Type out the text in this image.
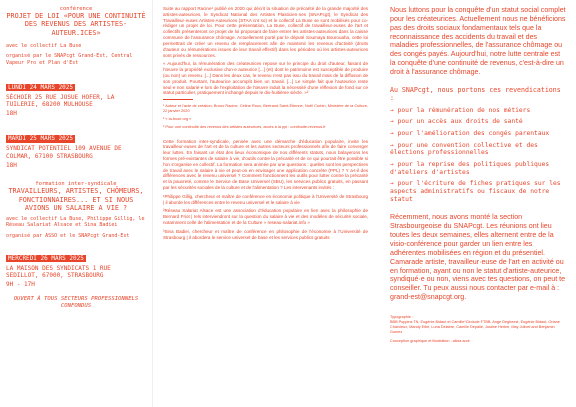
conférence
PROJET DE LOI «POUR UNE CONTINUITÉ DES REVENUS DES ARTISTES-AUTEUR.ICES»
avec le collectif La Buse
organisé par le SNAPcgt Grand-Est, Central Vapeur Pro et Plan d'Est
LUNDI 24 MARS 2025
SÉCHOIR 25 RUE JOSUE HOFER, LA TUILERIE, 68200 MULHOUSE
18H
MARDI 25 MARS 2025
SYNDICAT POTENTIEL 109 AVENUE DE COLMAR, 67100 STRASBOURG
18H
formation inter-syndicale
TRAVAILLEURS, ARTISTES, CHÔMEURS, FONCTIONNAIRES... ET SI NOUS AVIONS UN SALAIRE A VIE ?
avec le collectif La Buse, Philippe Gillig, le Réseau Salariat Alsace et Sina Badiei
organisé par ASSO et le SNAPcgt Grand-Est
MERCREDI 26 MARS 2025
LA MAISON DES SYNDICATS 1 RUE SEDILLOT, 67000, STRASBOURG
9H - 17H
OUVERT À TOUS SECTEURS PROFESSIONNELS CONFONDUS

Suite au rapport Racine¹ publié en 2020 qui décrit la situation de précarité de la grande majorité des artistes-auteurices, le Syndicat National des Artistes Plasticien·nes (SNAPcgt), le Syndicat des Travailleur·euses Artistes-Auteurices (STAA cnt so) et le collectif La Buse se sont mobilisés pour co-rédiger un projet de loi. Pour cette présentation, La Buse, collectif de travailleur·euses de l'art et collectifs présenteront ce projet de loi proposant de faire entrer les artistes-auteurices dans la caisse commune de l'assurance chômage. Actuellement porté par le député Soumaya Bourouaha, cette loi permettrait de créer un revenu de remplacement afin de maintenir les revenus d'activité (droits d'auteur ou rémunérations issues de leur travail effectif) dans les périodes où les artistes-auteurices sont privés de ressources.

« Aujourd'hui, la rémunération des créateurices repose sur le principe du droit d'auteur, faisant de l'œuvre la propriété exclusive d'un·e auteurice [...] (et) dont le patrimoine est susceptible de produire (ou non) un revenu. [...] Dans les deux cas, le revenu n'est pas issu du travail mais de la diffusion de son produit. Pourtant, l'auteurice accomplit bien un travail. [...] Le simple fait que l'auteurice reste seul·e non salarié·e lors de l'exploitation de l'œuvre induit la nécessité d'une réflexion de fond sur ce statut particulier, pratiquement inchangé depuis le dix-huitième siècle. »²

¹ Auteur et l'acte de création, Bruno Racine, Céline Roux, Bertrand Saint-Étienne, Noël Corbin, Ministère de la Culture, 22 janvier 2020
² « la-buse.org »
² Pour une continuité des revenus des artistes auteurices, accès à la ppl : continuite-revenus.fr

Cette formation inter-syndicale, pensée avec une démarche d'éducation populaire, invite les travailleur·euses de l'art et de la culture et les autres secteurs professionnels afin de faire converger leur luttes. En faisant un état des lieux économique de nos différents statuts, nous balayerons les formes pré-existantes de salaire à vie, d'outils contre la précarité et de ce qui pourrait être possible si l'on s'organise en collectif. La formation sera animée par une questions : quelles sont les perspectives de travail avec le salaire à vie et peut-on en envisager une application concrète (PPL) ? Y a-t-il des différences avec le revenu universel ? Comment fonctionnent les outils pour lutter contre la précarité et la pauvreté, comme le Service de Base Universel (SBU), les services publics gratuits, en passant par les sécurités sociales de la culture et de l'alimentation ? Les intervenants invités :

¹Philippe Gillig, chercheur et maître de conférence en économie politique à l'Université de Strasbourg | il aborde les différences entre le revenu universel et le salaire à vie

²Réseau Salariat Alsace est une association d'éducation populaire en lien avec la philosophie de Bernard Friot | Iels interviendront sur la question du salaire à vie et des modèles de sécurité sociale, notamment celle de l'alimentation et de la Culture « reseau-salariat.info »

³Sina Badiei, chercheur et maître de conférence en philosophie de l'économie à l'Université de Strasbourg | il abordera le service universel de base et les services publics gratuits

Nous luttons pour la conquête d'un statut social complet pour les créateurices. Actuellement nous ne bénéficions pas des droits sociaux fondamentaux tels que la reconnaissance des accidents du travail et des maladies professionnelles, de l'assurance chômage ou des congés payés. Aujourd'hui, notre lutte centrale est la conquête d'une continuité de revenus, c'est-à-dire un droit à l'assurance chômage.
Au SNAPcgt, nous portons ces revendications :
→ pour la rémunération de nos métiers
→ pour un accès aux droits de santé
→ pour l'amélioration des congés parentaux
→ pour une convention collective et des élections professionnelles
→ pour la reprise des politiques publiques d'ateliers d'artistes
→ pour l'écriture de fiches pratiques sur les aspects administratifs ou fiscaux de notre statut

Récemment, nous avons monté la section Strasbourgeoise du SNAPcgt. Les réunions ont lieu toutes les deux semaines, elles alternent entre de la visio-conférence pour garder un lien entre les adhérentes mobilisées en région et du présentiel. Camarade artiste, travailleur·euse de l'art en activité ou en formation, ayant ou non le statut d'artiste-auteurice, syndiqué·e ou non, viens avec tes questions, on peut te conseiller. Tu peux aussi nous contacter par e-mail à : grand-est@snapcgt.org.

Typographie :
BBB Poppins TN, Eugénie Bidaut et Camille*Circlude FTBB, Ange Degheest, Eugénie Bidaut, Oriane Charvieux, Mandy Elbé, Luna Delabre, Camille Depalle, Justine Herbel, May Jolivet and Benjamin Gomez
Conception graphique et illustration : alicia arcé
